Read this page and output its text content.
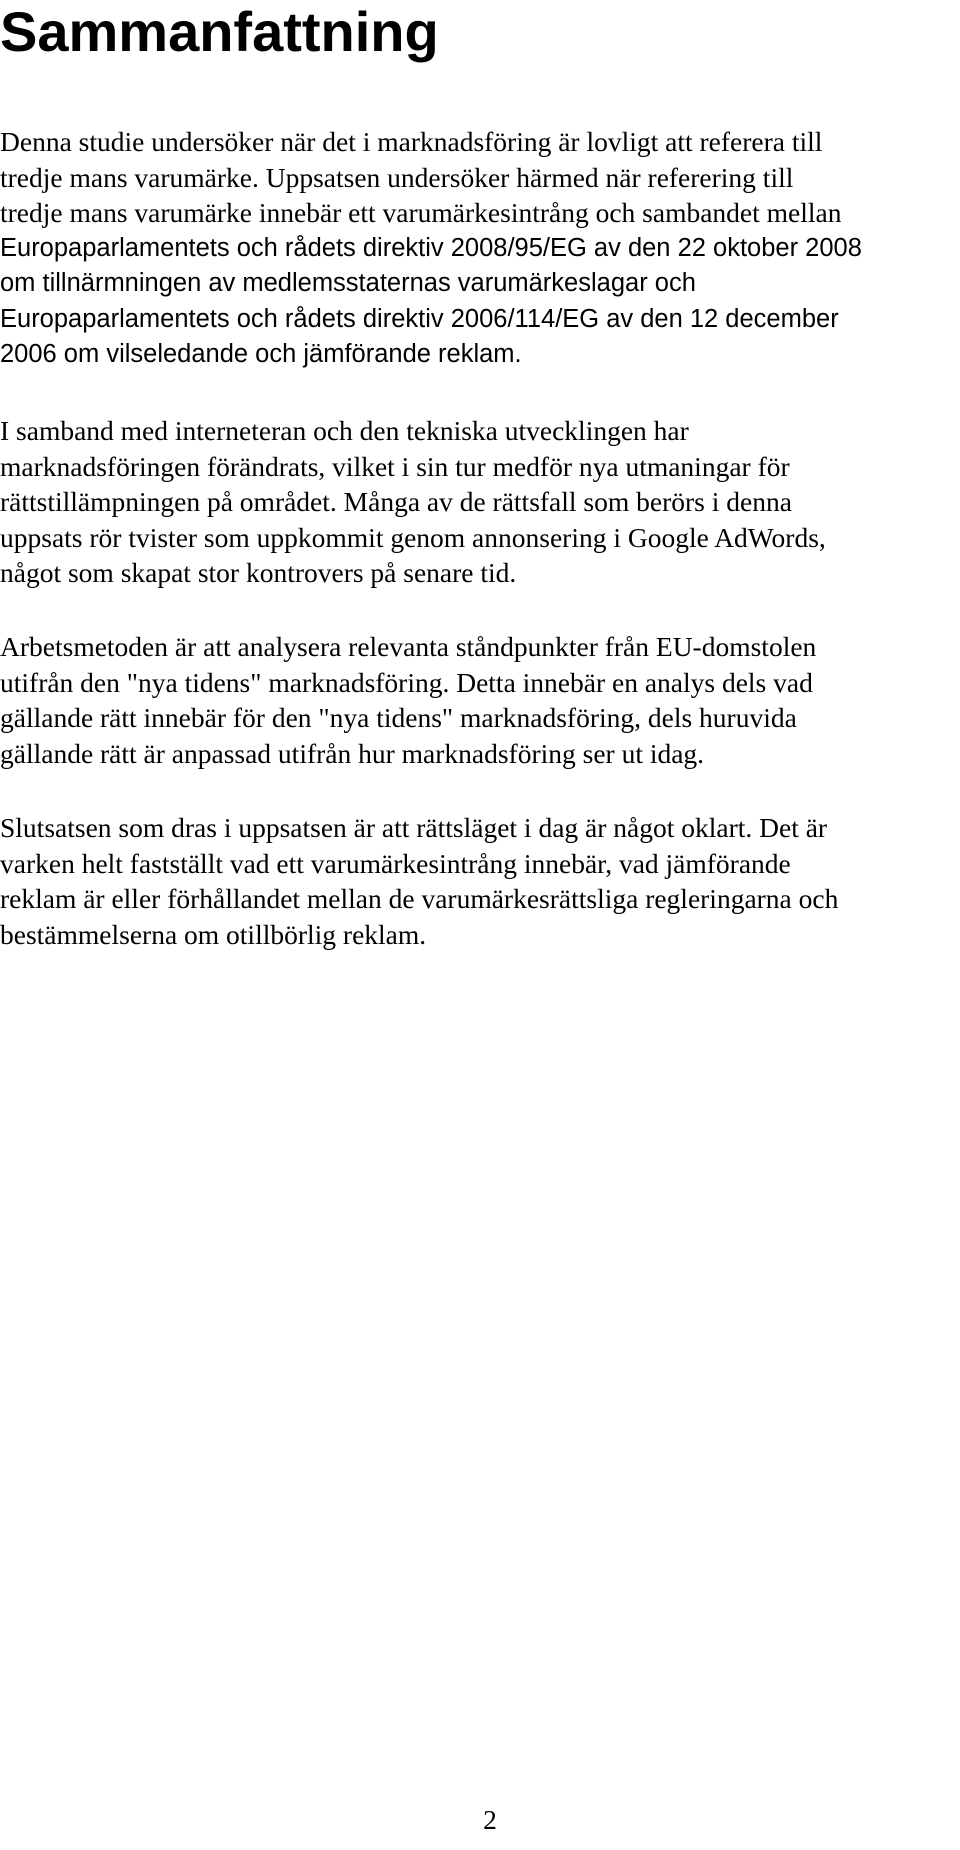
Sammanfattning
Denna studie undersöker när det i marknadsföring är lovligt att referera till
tredje mans varumärke. Uppsatsen undersöker härmed när referering till
tredje mans varumärke innebär ett varumärkesintrång och sambandet mellan
Europaparlamentets och rådets direktiv 2008/95/EG av den 22 oktober 2008
om tillnärmningen av medlemsstaternas varumärkeslagar och
Europaparlamentets och rådets direktiv 2006/114/EG av den 12 december
2006 om vilseledande och jämförande reklam.
I samband med interneteran och den tekniska utvecklingen har
marknadsföringen förändrats, vilket i sin tur medför nya utmaningar för
rättstillämpningen på området. Många av de rättsfall som berörs i denna
uppsats rör tvister som uppkommit genom annonsering i Google AdWords,
något som skapat stor kontrovers på senare tid.
Arbetsmetoden är att analysera relevanta ståndpunkter från EU-domstolen
utifrån den "nya tidens" marknadsföring. Detta innebär en analys dels vad
gällande rätt innebär för den "nya tidens" marknadsföring, dels huruvida
gällande rätt är anpassad utifrån hur marknadsföring ser ut idag.
Slutsatsen som dras i uppsatsen är att rättsläget i dag är något oklart. Det är
varken helt fastställt vad ett varumärkesintrång innebär, vad jämförande
reklam är eller förhållandet mellan de varumärkesrättsliga regleringarna och
bestämmelserna om otillbörlig reklam.
2
